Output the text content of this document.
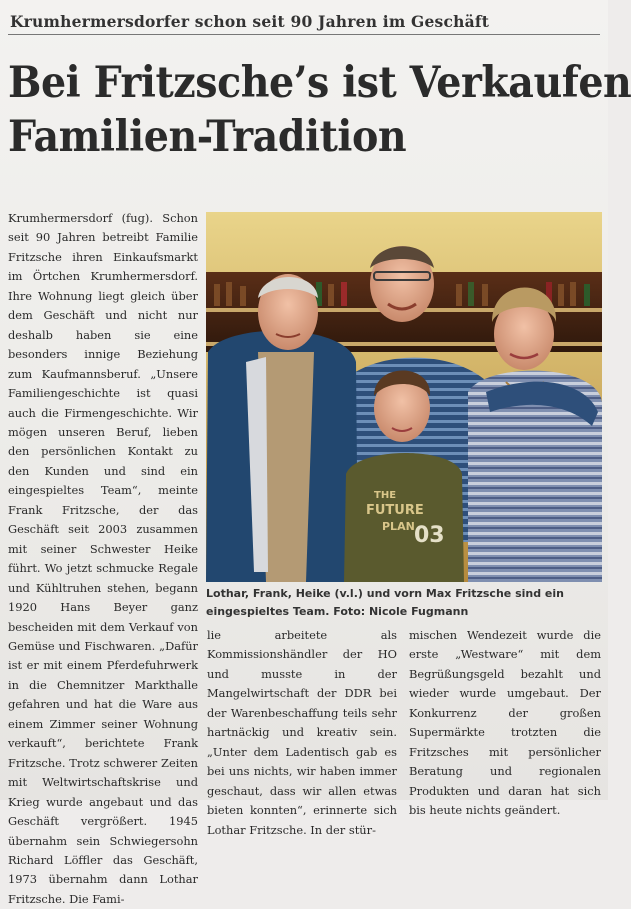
Krumhermersdorfer schon seit 90 Jahren im Geschäft
Bei Fritzsche’s ist Verkaufen
Familien-Tradition

Krumhermersdorf (fug). Schon seit 90 Jahren betreibt Familie Fritzsche ihren Einkaufsmarkt im Örtchen Krumhermersdorf. Ihre Wohnung liegt gleich über dem Geschäft und nicht nur deshalb haben sie eine besonders innige Beziehung zum Kaufmannsberuf. „Unsere Familiengeschichte ist quasi auch die Firmengeschichte. Wir mögen unseren Beruf, lieben den persönlichen Kontakt zu den Kunden und sind ein eingespieltes Team“, meinte Frank Fritzsche, der das Geschäft seit 2003 zusammen mit seiner Schwester Heike führt. Wo jetzt schmucke Regale und Kühltruhen stehen, begann 1920 Hans Beyer ganz bescheiden mit dem Verkauf von Gemüse und Fischwaren. „Dafür ist er mit einem Pferdefuhrwerk in die Chemnitzer Markthalle gefahren und hat die Ware aus einem Zimmer seiner Wohnung verkauft“, berichtete Frank Fritzsche. Trotz schwerer Zeiten mit Weltwirtschaftskrise und Krieg wurde angebaut und das Geschäft vergrößert. 1945 übernahm sein Schwiegersohn Richard Löffler das Geschäft, 1973 übernahm dann Lothar Fritzsche. Die Fami-

THE
FUTURE
PLAN 03
Lothar, Frank, Heike (v.l.) und vorn Max Fritzsche sind ein eingespieltes Team. Foto: Nicole Fugmann

lie arbeitete als Kommissionshändler der HO und musste in der Mangelwirtschaft der DDR bei der Warenbeschaffung teils sehr hartnäckig und kreativ sein. „Unter dem Ladentisch gab es bei uns nichts, wir haben immer geschaut, dass wir allen etwas bieten konnten“, erinnerte sich Lothar Fritzsche. In der stür-

mischen Wendezeit wurde die erste „Westware“ mit dem Begrüßungsgeld bezahlt und wieder wurde umgebaut. Der Konkurrenz der großen Supermärkte trotzten die Fritzsches mit persönlicher Beratung und regionalen Produkten und daran hat sich bis heute nichts geändert.
